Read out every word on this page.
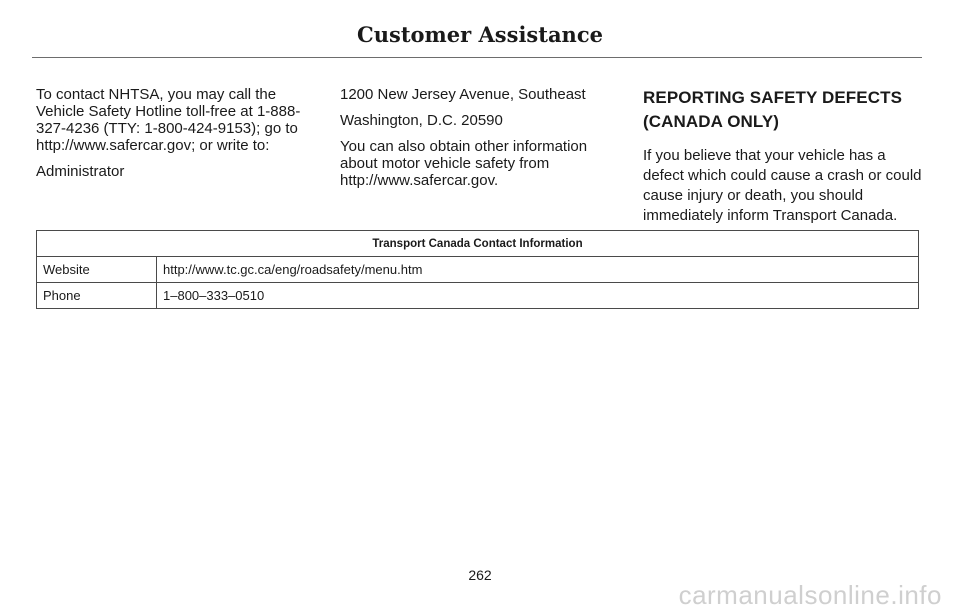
Customer Assistance

To contact NHTSA, you may call the Vehicle Safety Hotline toll-free at 1-888-327-4236 (TTY: 1-800-424-9153); go to http://www.safercar.gov; or write to:

Administrator

1200 New Jersey Avenue, Southeast

Washington, D.C. 20590

You can also obtain other information about motor vehicle safety from http://www.safercar.gov.

REPORTING SAFETY DEFECTS
(CANADA ONLY)

If you believe that your vehicle has a defect which could cause a crash or could cause injury or death, you should immediately inform Transport Canada.

Transport Canada Contact Information	
Website	http://www.tc.gc.ca/eng/roadsafety/menu.htm
Phone	1–800–333–0510
262
carmanualsonline.info
